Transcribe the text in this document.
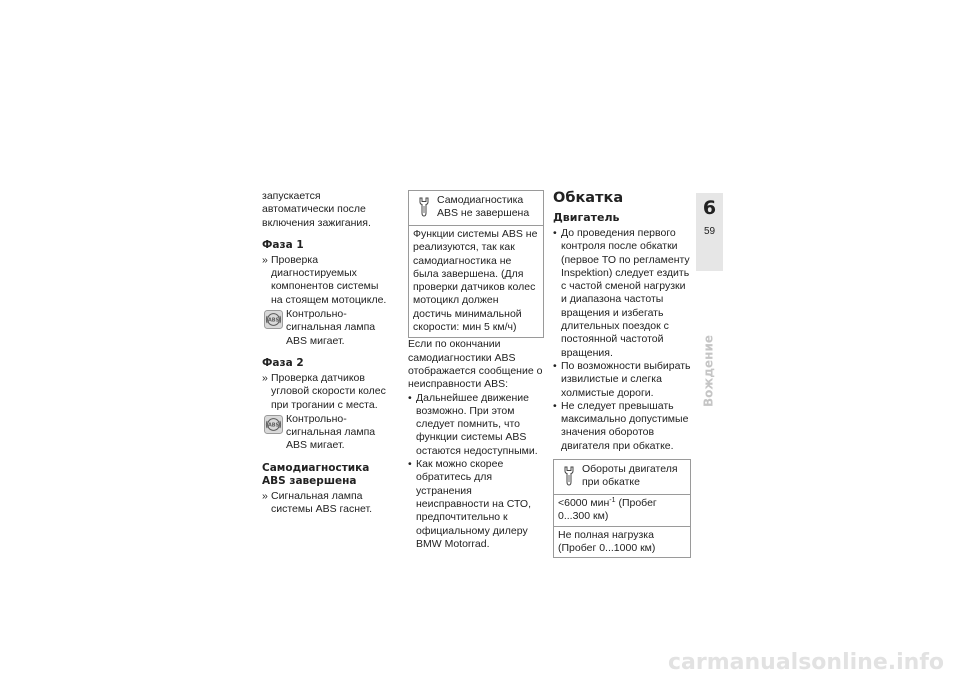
запускается автоматически после включения зажигания.

Фаза 1
» Проверка диагностируемых компонентов системы на стоящем мотоцикле.
ABS
Контрольно-сигнальная лампа ABS мигает.
Фаза 2
» Проверка датчиков угловой скорости колес при трогании с места.
ABS
Контрольно-сигнальная лампа ABS мигает.
Самодиагностика ABS завершена
» Сигнальная лампа системы ABS гаснет.
Самодиагностика ABS не завершена
Функции системы ABS не реализуются, так как самодиагностика не была завершена. (Для проверки датчиков колес мотоцикл должен достичь минимальной скорости: мин 5 км/ч)

Если по окончании самодиагностики ABS отображается сообщение о неисправности ABS:

• Дальнейшее движение возможно. При этом следует помнить, что функции системы ABS остаются недоступными.
• Как можно скорее обратитесь для устранения неисправности на СТО, предпочтительно к официальному дилеру BMW Motorrad.
Обкатка
Двигатель
• До проведения первого контроля после обкатки (первое ТО по регламенту Inspektion) следует ездить с частой сменой нагрузки и диапазона частоты вращения и избегать длительных поездок с постоянной частотой вращения.
• По возможности выбирать извилистые и слегка холмистые дороги.
• Не следует превышать максимально допустимые значения оборотов двигателя при обкатке.
Обороты двигателя при обкатке
<6000 мин$^{-1}$ (Пробег 0...300 км)
Не полная нагрузка (Пробег 0...1000 км)
6
59
Вождение
carmanualsonline.info
